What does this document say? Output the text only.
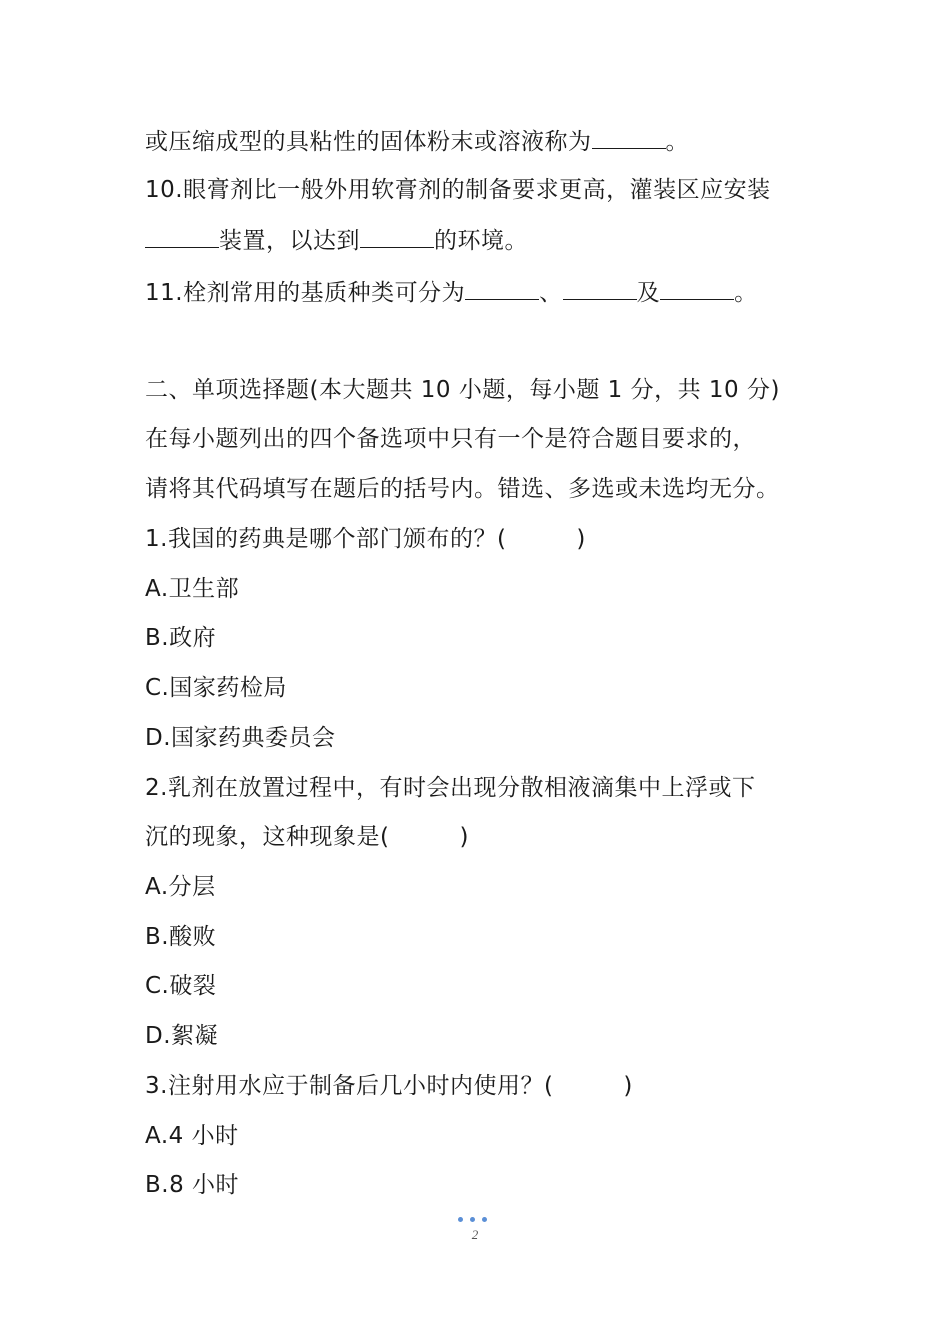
或压缩成型的具粘性的固体粉末或溶液称为	。
10.眼膏剂比一般外用软膏剂的制备要求更高，灌装区应安装
装置，以达到	的环境。
11.栓剂常用的基质种类可分为	、	及	。
二、单项选择题(本大题共 10 小题，每小题 1 分，共 10 分)
在每小题列出的四个备选项中只有一个是符合题目要求的，
请将其代码填写在题后的括号内。错选、多选或未选均无分。
1.我国的药典是哪个部门颁布的？(	)
A.卫生部
B.政府
C.国家药检局
D.国家药典委员会
2.乳剂在放置过程中，有时会出现分散相液滴集中上浮或下
沉的现象，这种现象是(	)
A.分层
B.酸败
C.破裂
D.絮凝
3.注射用水应于制备后几小时内使用？(	)
A.4 小时
B.8 小时
2
